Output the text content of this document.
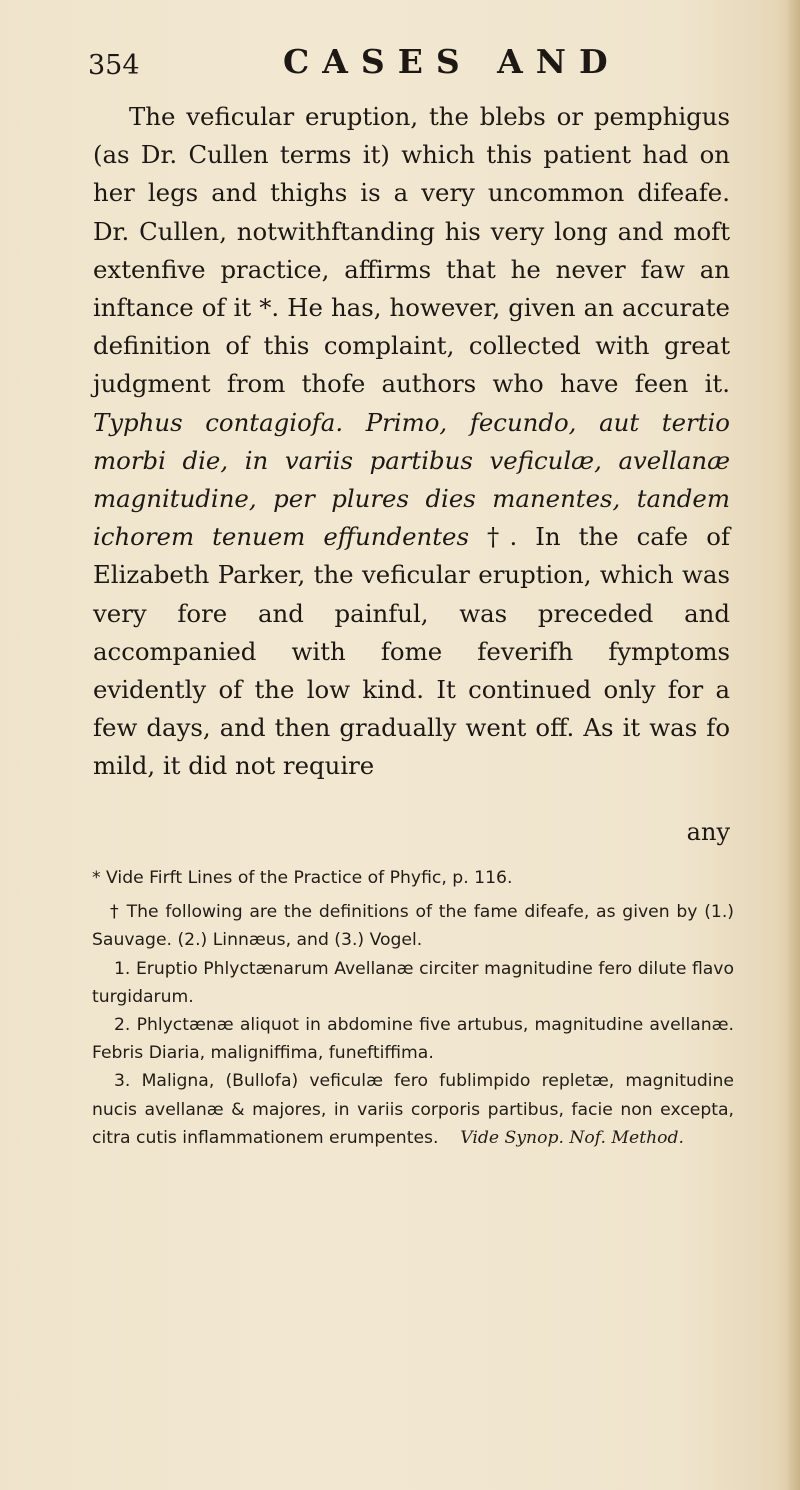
354	CASES AND

The veficular eruption, the blebs or pemphigus (as Dr. Cullen terms it) which this patient had on her legs and thighs is a very uncommon difeafe. Dr. Cullen, notwithftanding his very long and moft extenfive practice, affirms that he never faw an inftance of it *. He has, however, given an accurate definition of this complaint, collected with great judgment from thofe authors who have feen it. Typhus contagiofa. Primo, fecundo, aut tertio morbi die, in variis partibus veficulæ, avellanæ magnitudine, per plures dies manentes, tandem ichorem tenuem effundentes †. In the cafe of Elizabeth Parker, the veficular eruption, which was very fore and painful, was preceded and accompanied with fome feverifh fymptoms evidently of the low kind. It continued only for a few days, and then gradually went off. As it was fo mild, it did not require

any

* Vide Firft Lines of the Practice of Phyfic, p. 116.

† The following are the definitions of the fame difeafe, as given by (1.) Sauvage. (2.) Linnæus, and (3.) Vogel.

1. Eruptio Phlyctænarum Avellanæ circiter magnitudine fero dilute flavo turgidarum.

2. Phlyctænæ aliquot in abdomine five artubus, magnitudine avellanæ. Febris Diaria, maligniffima, funeftiffima.

3. Maligna, (Bullofa) veficulæ fero fublimpido repletæ, magnitudine nucis avellanæ & majores, in variis corporis partibus, facie non excepta, citra cutis inflammationem erumpentes. Vide Synop. Nof. Method.
